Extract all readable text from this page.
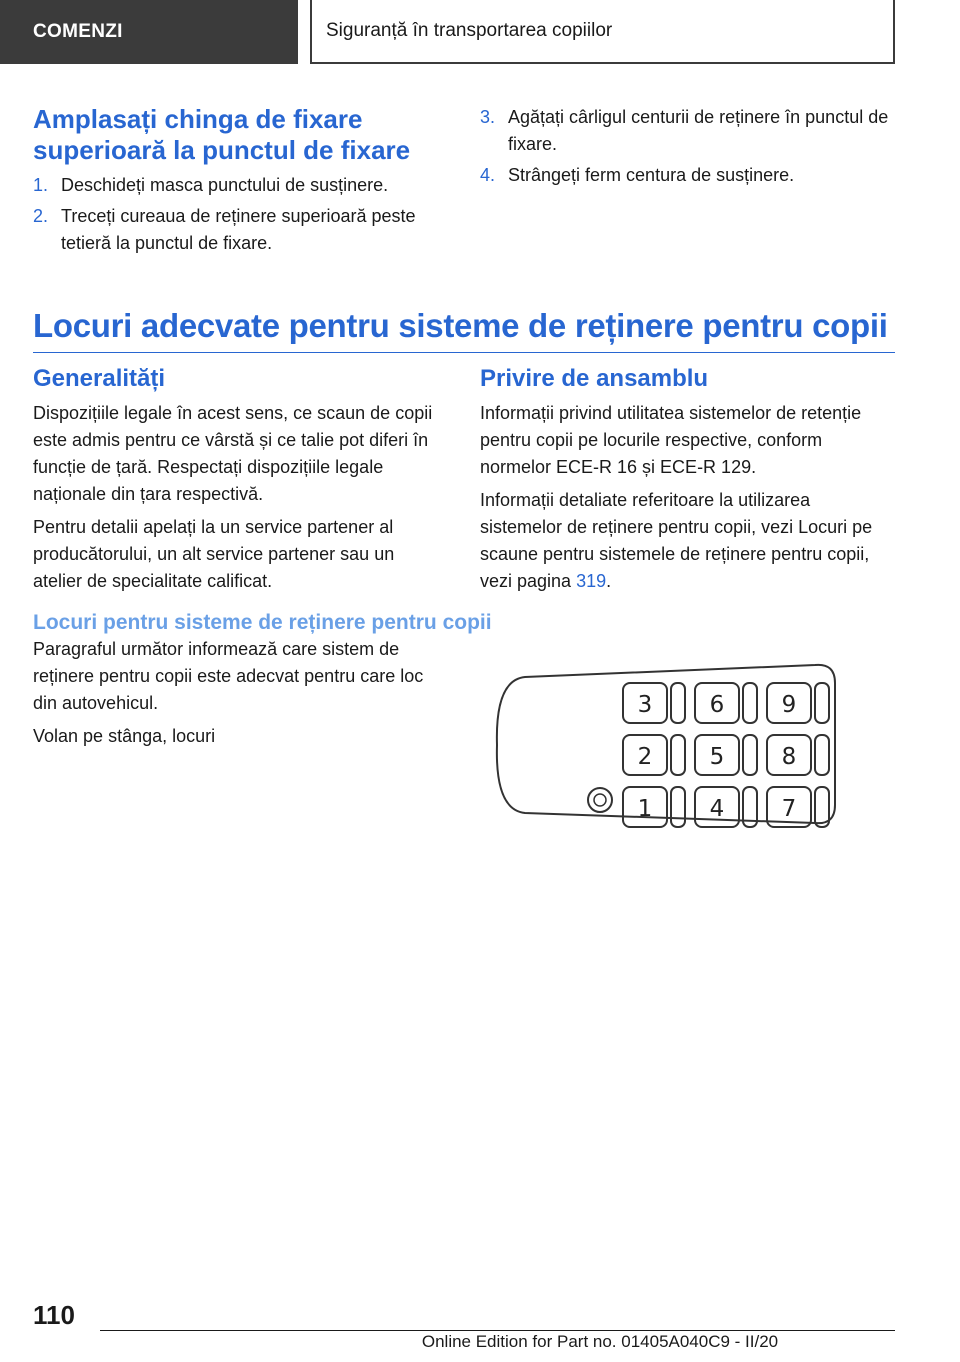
COMENZI	Siguranță în transportarea copiilor
Amplasați chinga de fixare superioară la punctul de fixare
1. Deschideți masca punctului de susținere.
2. Treceți cureaua de reținere superioară peste tetieră la punctul de fixare.
3. Agățați cârligul centurii de reținere în punctul de fixare.
4. Strângeți ferm centura de susținere.
Locuri adecvate pentru sisteme de reținere pentru copii
Generalități

Dispozițiile legale în acest sens, ce scaun de copii este admis pentru ce vârstă și ce talie pot diferi în funcție de țară. Respectați dispozițiile legale naționale din țara respectivă.

Pentru detalii apelați la un service partener al producătorului, un alt service partener sau un atelier de specialitate calificat.

Privire de ansamblu

Informații privind utilitatea sistemelor de retenție pentru copii pe locurile respective, conform normelor ECE-R 16 și ECE-R 129.

Informații detaliate referitoare la utilizarea sistemelor de reținere pentru copii, vezi Locuri pe scaune pentru sistemele de reținere pentru copii, vezi pagina 319.

Locuri pentru sisteme de reținere pentru copii

Paragraful următor informează care sistem de reținere pentru copii este adecvat pentru care loc din autovehicul.

Volan pe stânga, locuri

3 6 9
2 5 8
1 4 7
110
Online Edition for Part no. 01405A040C9 - II/20
